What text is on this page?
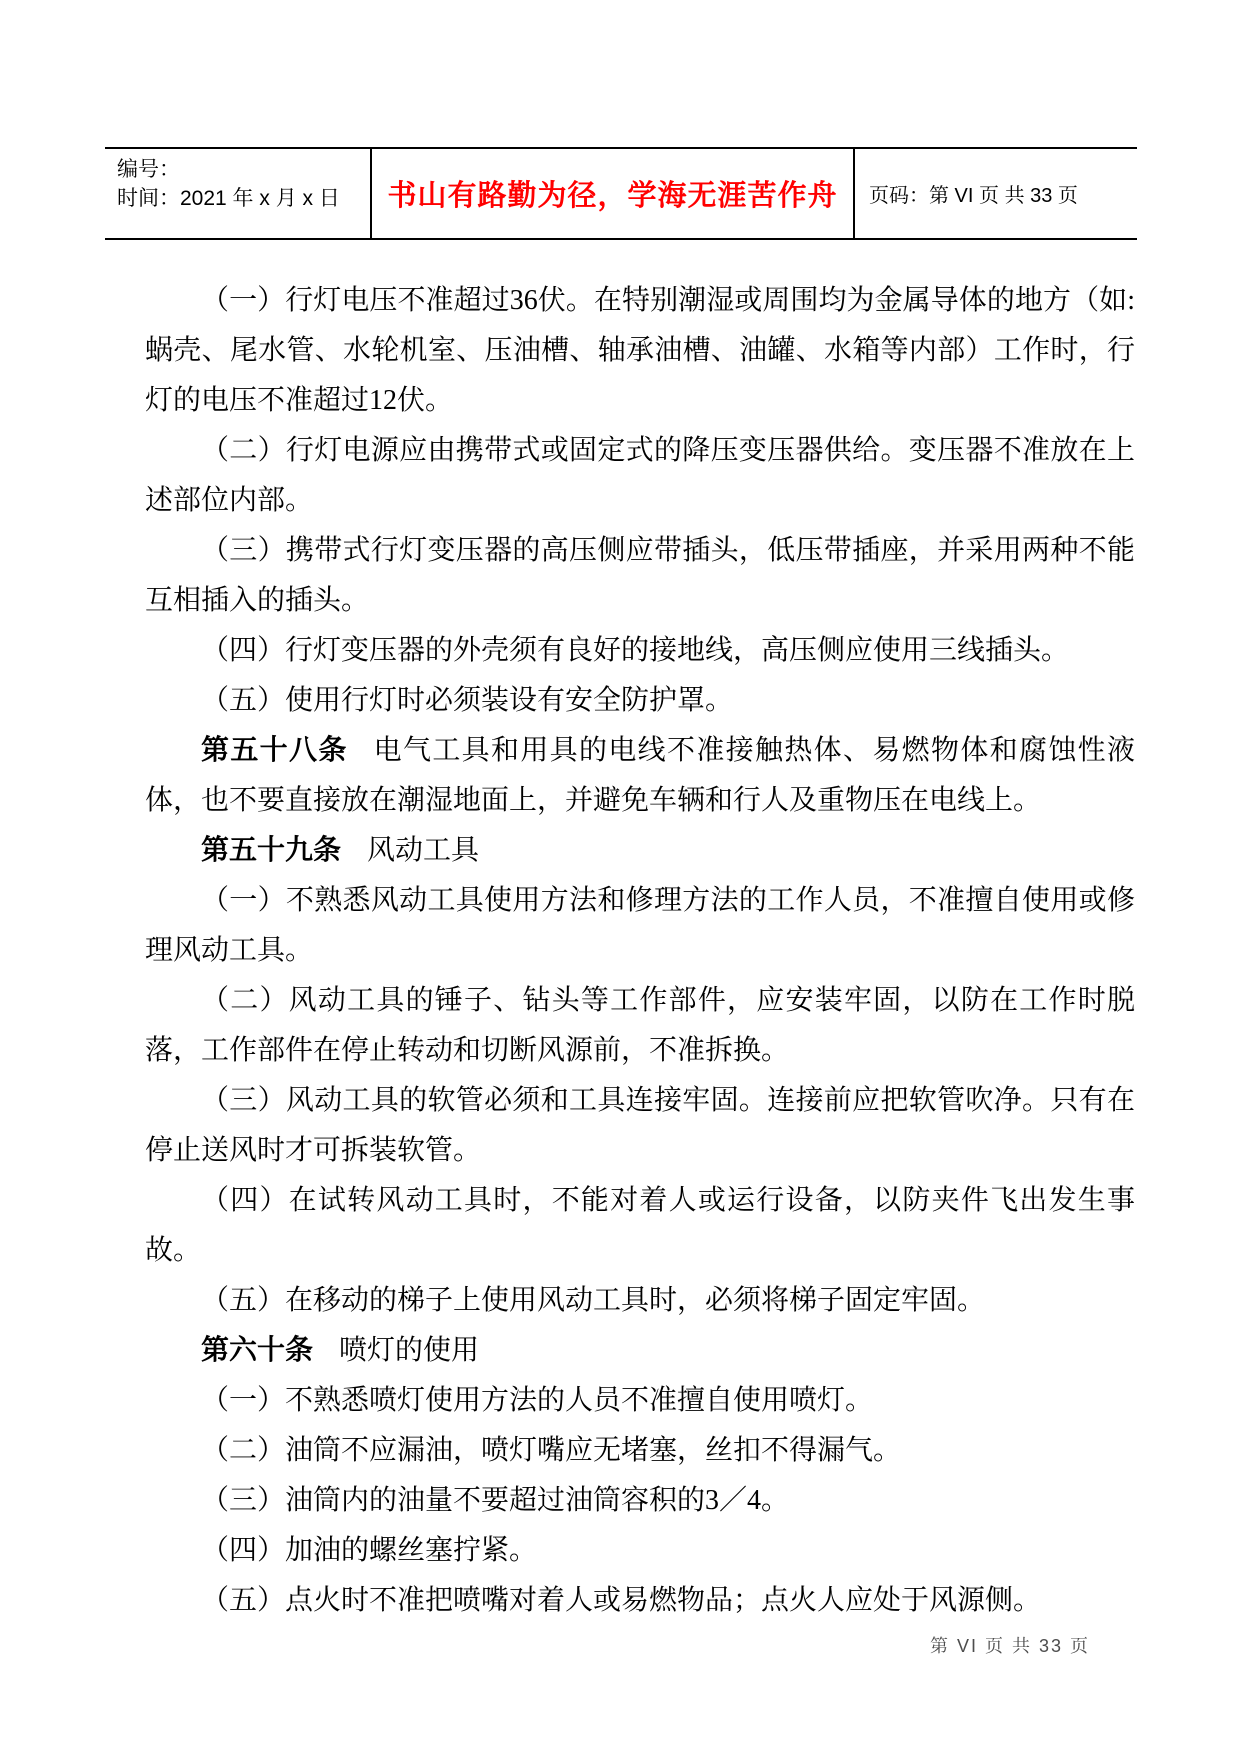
编号：
时间：2021 年 x 月 x 日	书山有路勤为径，学海无涯苦作舟 页码：第 VI 页 共 33 页

（一）行灯电压不准超过36伏。在特别潮湿或周围均为金属导体的地方（如: 蜗壳、尾水管、水轮机室、压油槽、轴承油槽、油罐、水箱等内部）工作时，行灯的电压不准超过12伏。

（二）行灯电源应由携带式或固定式的降压变压器供给。变压器不准放在上述部位内部。

（三）携带式行灯变压器的高压侧应带插头，低压带插座，并采用两种不能互相插入的插头。

（四）行灯变压器的外壳须有良好的接地线，高压侧应使用三线插头。

（五）使用行灯时必须装设有安全防护罩。

第五十八条 电气工具和用具的电线不准接触热体、易燃物体和腐蚀性液体，也不要直接放在潮湿地面上，并避免车辆和行人及重物压在电线上。

第五十九条 风动工具

（一）不熟悉风动工具使用方法和修理方法的工作人员，不准擅自使用或修理风动工具。

（二）风动工具的锤子、钻头等工作部件，应安装牢固，以防在工作时脱落，工作部件在停止转动和切断风源前，不准拆换。

（三）风动工具的软管必须和工具连接牢固。连接前应把软管吹净。只有在停止送风时才可拆装软管。

（四）在试转风动工具时，不能对着人或运行设备，以防夹件飞出发生事故。

（五）在移动的梯子上使用风动工具时，必须将梯子固定牢固。

第六十条 喷灯的使用

（一）不熟悉喷灯使用方法的人员不准擅自使用喷灯。

（二）油筒不应漏油，喷灯嘴应无堵塞，丝扣不得漏气。

（三）油筒内的油量不要超过油筒容积的3／4。

（四）加油的螺丝塞拧紧。

（五）点火时不准把喷嘴对着人或易燃物品；点火人应处于风源侧。

第 VI 页 共 33 页
